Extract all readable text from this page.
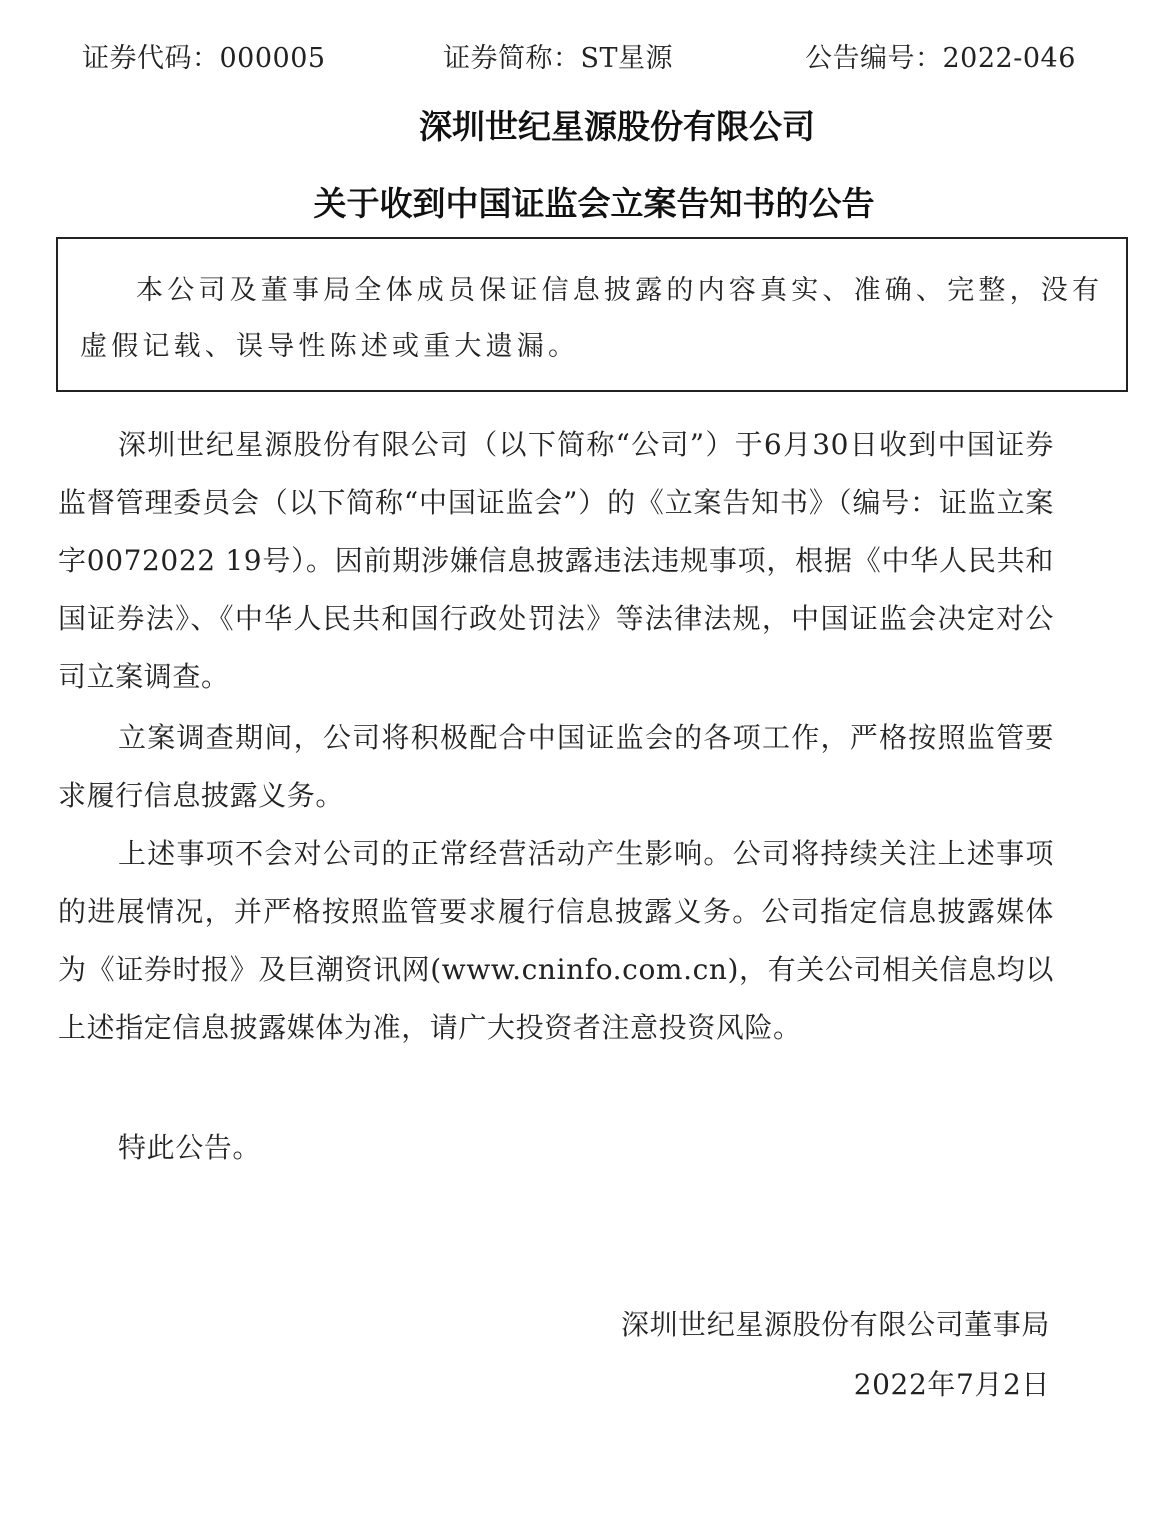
证券代码：000005	证券简称：ST星源	公告编号：2022-046
深圳世纪星源股份有限公司
关于收到中国证监会立案告知书的公告
本公司及董事局全体成员保证信息披露的内容真实、准确、完整，没有虚假记载、误导性陈述或重大遗漏。
深圳世纪星源股份有限公司（以下简称“公司”）于6月30日收到中国证券监督管理委员会（以下简称“中国证监会”）的《立案告知书》（编号：证监立案字0072022 19号）。因前期涉嫌信息披露违法违规事项，根据《中华人民共和国证券法》、《中华人民共和国行政处罚法》等法律法规，中国证监会决定对公司立案调查。
立案调查期间，公司将积极配合中国证监会的各项工作，严格按照监管要求履行信息披露义务。
上述事项不会对公司的正常经营活动产生影响。公司将持续关注上述事项的进展情况，并严格按照监管要求履行信息披露义务。公司指定信息披露媒体为《证券时报》及巨潮资讯网(www.cninfo.com.cn)，有关公司相关信息均以上述指定信息披露媒体为准，请广大投资者注意投资风险。
特此公告。
深圳世纪星源股份有限公司董事局
2022年7月2日
